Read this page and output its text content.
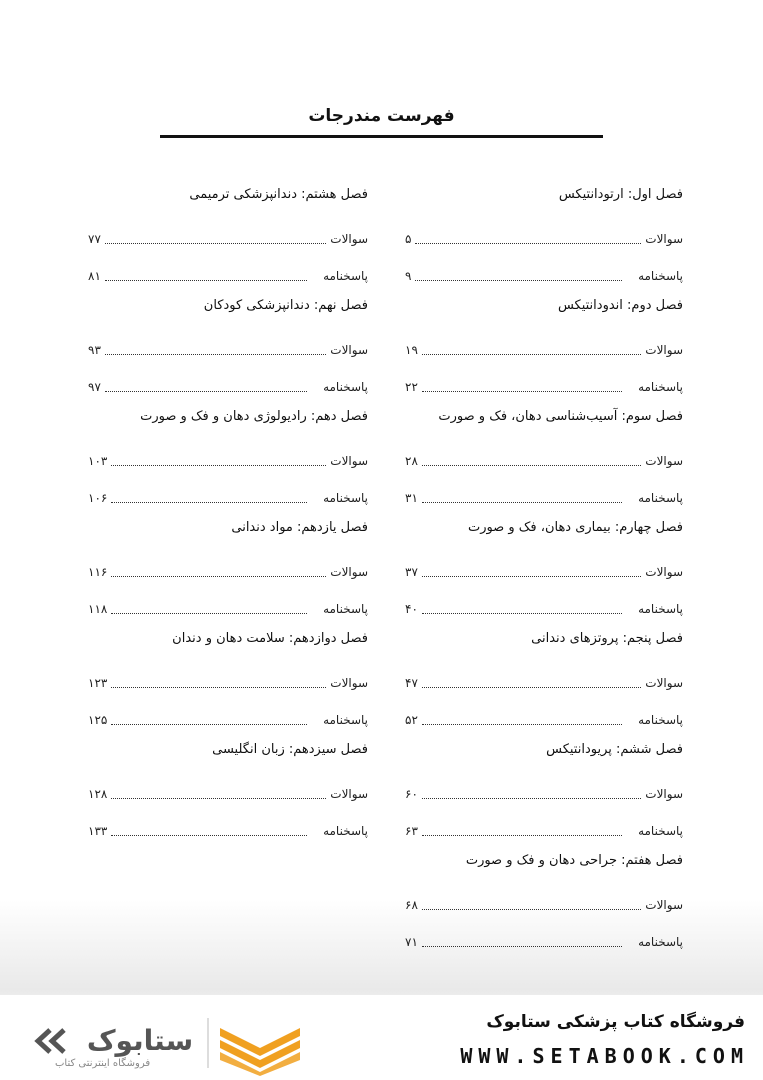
فهرست مندرجات
فصل اول: ارتودانتیکس
سوالات
۵
پاسخنامه
۹
فصل دوم: اندودانتیکس
سوالات
۱۹
پاسخنامه
۲۲
فصل سوم: آسیب‌شناسی دهان، فک و صورت
سوالات
۲۸
پاسخنامه
۳۱
فصل چهارم: بیماری دهان، فک و صورت
سوالات
۳۷
پاسخنامه
۴۰
فصل پنجم: پروتزهای دندانی
سوالات
۴۷
پاسخنامه
۵۲
فصل ششم: پریودانتیکس
سوالات
۶۰
پاسخنامه
۶۳
فصل هفتم: جراحی دهان و فک و صورت
سوالات
۶۸
پاسخنامه
۷۱
فصل هشتم: دندانپزشکی ترمیمی
سوالات
۷۷
پاسخنامه
۸۱
فصل نهم: دندانپزشکی کودکان
سوالات
۹۳
پاسخنامه
۹۷
فصل دهم: رادیولوژی دهان و فک و صورت
سوالات
۱۰۳
پاسخنامه
۱۰۶
فصل یازدهم: مواد دندانی
سوالات
۱۱۶
پاسخنامه
۱۱۸
فصل دوازدهم: سلامت دهان و دندان
سوالات
۱۲۳
پاسخنامه
۱۲۵
فصل سیزدهم: زبان انگلیسی
سوالات
۱۲۸
پاسخنامه
۱۳۳
فروشگاه کتاب پزشکی ستابوک
WWW.SETABOOK.COM
ستابوک
فروشگاه اینترنتی کتاب
